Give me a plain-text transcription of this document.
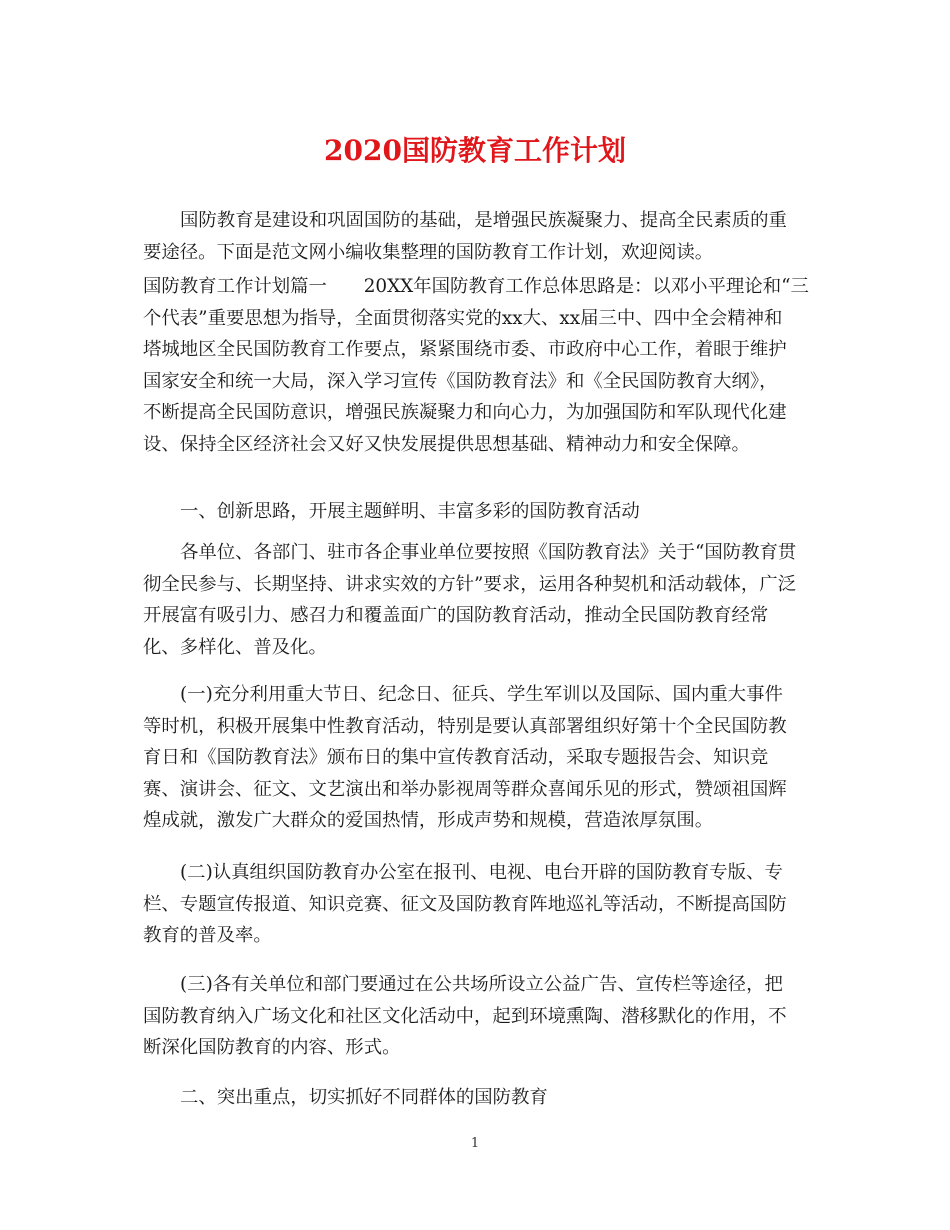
2020国防教育工作计划
国防教育是建设和巩固国防的基础，是增强民族凝聚力、提高全民素质的重
要途径。下面是范文网小编收集整理的国防教育工作计划，欢迎阅读。
国防教育工作计划篇一　　20XX年国防教育工作总体思路是：以邓小平理论和“三
个代表”重要思想为指导，全面贯彻落实党的xx大、xx届三中、四中全会精神和
塔城地区全民国防教育工作要点，紧紧围绕市委、市政府中心工作，着眼于维护
国家安全和统一大局，深入学习宣传《国防教育法》和《全民国防教育大纲》，
不断提高全民国防意识，增强民族凝聚力和向心力，为加强国防和军队现代化建
设、保持全区经济社会又好又快发展提供思想基础、精神动力和安全保障。
一、创新思路，开展主题鲜明、丰富多彩的国防教育活动
各单位、各部门、驻市各企事业单位要按照《国防教育法》关于“国防教育贯
彻全民参与、长期坚持、讲求实效的方针”要求，运用各种契机和活动载体，广泛
开展富有吸引力、感召力和覆盖面广的国防教育活动，推动全民国防教育经常
化、多样化、普及化。
(一)充分利用重大节日、纪念日、征兵、学生军训以及国际、国内重大事件
等时机，积极开展集中性教育活动，特别是要认真部署组织好第十个全民国防教
育日和《国防教育法》颁布日的集中宣传教育活动，采取专题报告会、知识竞
赛、演讲会、征文、文艺演出和举办影视周等群众喜闻乐见的形式，赞颂祖国辉
煌成就，激发广大群众的爱国热情，形成声势和规模，营造浓厚氛围。
(二)认真组织国防教育办公室在报刊、电视、电台开辟的国防教育专版、专
栏、专题宣传报道、知识竞赛、征文及国防教育阵地巡礼等活动，不断提高国防
教育的普及率。
(三)各有关单位和部门要通过在公共场所设立公益广告、宣传栏等途径，把
国防教育纳入广场文化和社区文化活动中，起到环境熏陶、潜移默化的作用，不
断深化国防教育的内容、形式。
二、突出重点，切实抓好不同群体的国防教育
1
